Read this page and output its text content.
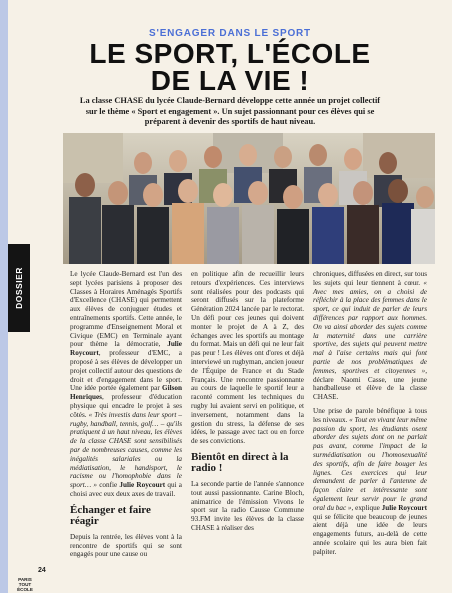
S'ENGAGER DANS LE SPORT
LE SPORT, L'ÉCOLE
DE LA VIE !
La classe CHASE du lycée Claude-Bernard développe cette année un projet collectif sur le thème « Sport et engagement ». Un sujet passionnant pour ces élèves qui se préparent à devenir des sportifs de haut niveau.
DOSSIER	Le lycée Claude-Bernard est l'un des sept lycées parisiens à proposer des Classes à Horaires Aménagés Sportifs d'Excellence (CHASE) qui permettent aux élèves de conjuguer études et entraînements sportifs. Cette année, le programme d'Enseignement Moral et Civique (EMC) en Terminale ayant pour thème la démocratie, Julie Roycourt, professeur d'EMC, a proposé à ses élèves de développer un projet collectif autour des questions de droit et d'engagement dans le sport. Une idée portée également par Gilson Henriques, professeur d'éducation physique qui encadre le projet à ses côtés. « Très investis dans leur sport – rugby, handball, tennis, golf… – qu'ils pratiquent à un haut niveau, les élèves de la classe CHASE sont sensibilisés par de nombreuses causes, comme les inégalités salariales ou la médiatisation, le handisport, le racisme ou l'homophobie dans le sport… » confie Julie Roycourt qui a choisi avec eux deux axes de travail.

Échanger et faire réagir

Depuis la rentrée, les élèves vont à la rencontre de sportifs qui se sont engagés pour une cause ou

en politique afin de recueillir leurs retours d'expériences. Ces interviews sont réalisées pour des podcasts qui seront diffusés sur la plateforme Génération 2024 lancée par le rectorat. Un défi pour ces jeunes qui doivent monter le projet de A à Z, des échanges avec les sportifs au montage du format. Mais un défi qui ne leur fait pas peur ! Les élèves ont d'ores et déjà interviewé un rugbyman, ancien joueur de l'Équipe de France et du Stade Français. Une rencontre passionnante au cours de laquelle le sportif leur a raconté comment les techniques du rugby lui avaient servi en politique, et inversement, notamment dans la gestion du stress, la défense de ses idées, le passage avec tact ou en force de ses convictions.

Bientôt en direct à la radio !

La seconde partie de l'année s'annonce tout aussi passionnante. Carine Bloch, animatrice de l'émission Vivons le sport sur la radio Causse Commune 93.FM invite les élèves de la classe CHASE à réaliser des

chroniques, diffusées en direct, sur tous les sujets qui leur tiennent à cœur. « Avec mes amies, on a choisi de réfléchir à la place des femmes dans le sport, ce qui induit de parler de leurs différences par rapport aux hommes. On va ainsi aborder des sujets comme la maternité dans une carrière sportive, des sujets qui peuvent mettre mal à l'aise certains mais qui font partie de nos problématiques de femmes, sportives et citoyennes », déclare Naomi Casse, une jeune handballeuse et élève de la classe CHASE.

Une prise de parole bénéfique à tous les niveaux. « Tout en vivant leur même passion du sport, les étudiants osent aborder des sujets dont on ne parlait pas avant, comme l'impact de la surmédiatisation ou l'homosexualité des sportifs, afin de faire bouger les lignes. Ces exercices qui leur demandent de parler à l'antenne de façon claire et intéressante sont également leur servir pour le grand oral du bac », explique Julie Roycourt qui se félicite que beaucoup de jeunes aient déjà une idée de leurs engagements futurs, au-delà de cette année scolaire qui les aura bien fait palpiter.

24
PARIS TOUT ÉCOLE
